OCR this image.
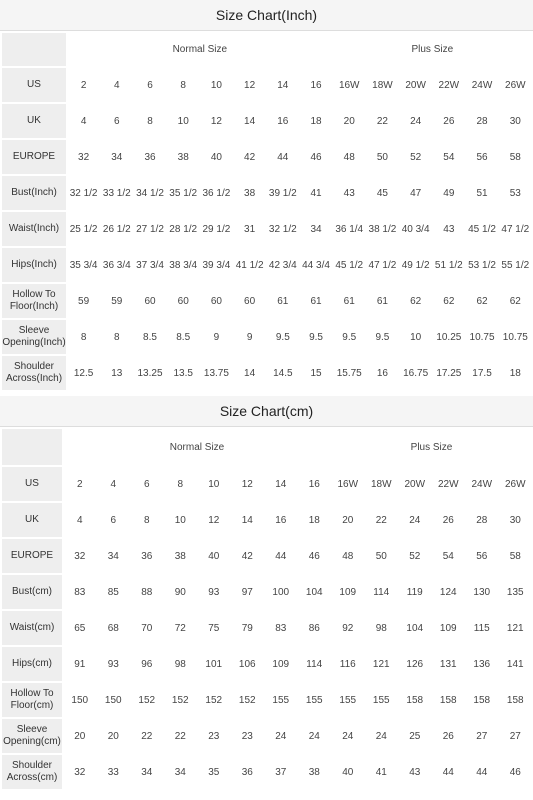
Size Chart(Inch)
	Normal Size								Plus Size					
US	2	4	6	8	10	12	14	16	16W	18W	20W	22W	24W	26W
UK	4	6	8	10	12	14	16	18	20	22	24	26	28	30
EUROPE	32	34	36	38	40	42	44	46	48	50	52	54	56	58
Bust(Inch)	32 1/2	33 1/2	34 1/2	35 1/2	36 1/2	38	39 1/2	41	43	45	47	49	51	53
Waist(Inch)	25 1/2	26 1/2	27 1/2	28 1/2	29 1/2	31	32 1/2	34	36 1/4	38 1/2	40 3/4	43	45 1/2	47 1/2
Hips(Inch)	35 3/4	36 3/4	37 3/4	38 3/4	39 3/4	41 1/2	42 3/4	44 3/4	45 1/2	47 1/2	49 1/2	51 1/2	53 1/2	55 1/2
Hollow To Floor(Inch)	59	59	60	60	60	60	61	61	61	61	62	62	62	62
Sleeve Opening(Inch)	8	8	8.5	8.5	9	9	9.5	9.5	9.5	9.5	10	10.25	10.75	10.75
Shoulder Across(Inch)	12.5	13	13.25	13.5	13.75	14	14.5	15	15.75	16	16.75	17.25	17.5	18
Size Chart(cm)
	Normal Size								Plus Size					
US	2	4	6	8	10	12	14	16	16W	18W	20W	22W	24W	26W
UK	4	6	8	10	12	14	16	18	20	22	24	26	28	30
EUROPE	32	34	36	38	40	42	44	46	48	50	52	54	56	58
Bust(cm)	83	85	88	90	93	97	100	104	109	114	119	124	130	135
Waist(cm)	65	68	70	72	75	79	83	86	92	98	104	109	115	121
Hips(cm)	91	93	96	98	101	106	109	114	116	121	126	131	136	141
Hollow To Floor(cm)	150	150	152	152	152	152	155	155	155	155	158	158	158	158
Sleeve Opening(cm)	20	20	22	22	23	23	24	24	24	24	25	26	27	27
Shoulder Across(cm)	32	33	34	34	35	36	37	38	40	41	43	44	44	46
